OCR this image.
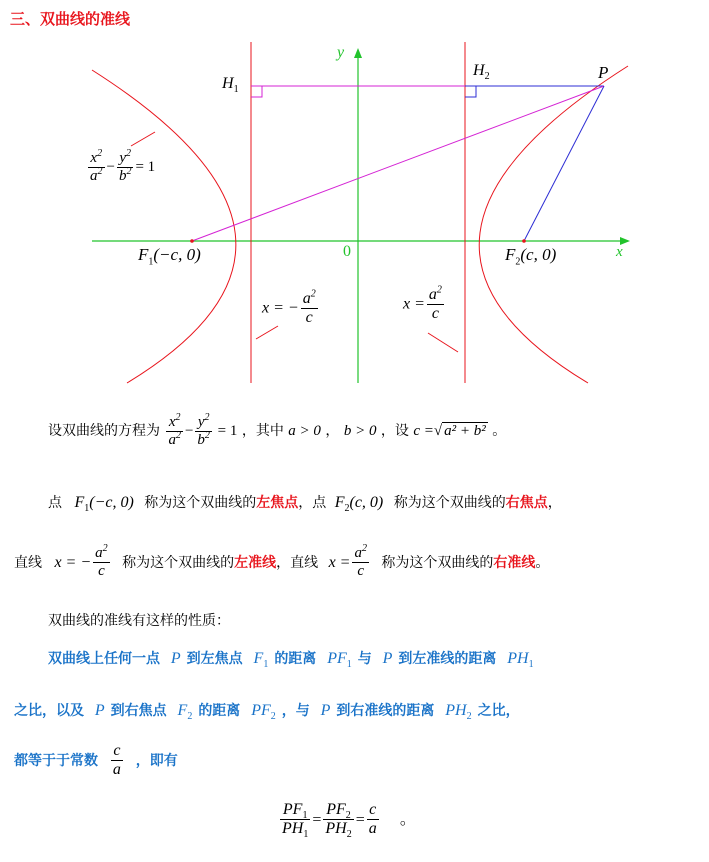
三、双曲线的准线
y
x
0
$H_1$
$H_2$	P
$F_1(-c$, 0)	$F_2(c$, 0)
$\frac{x^2}{a^2} - \frac{y^2}{b^2} = 1$
x = − $\frac{a^2}{c}$	$x = \frac{a^2}{c}$
设双曲线的方程为 $\frac{x^2}{a^2} - \frac{y^2}{b^2} = 1$ ，其中 a > 0 ， b > 0 ，设 c =√ a² + b² 。
点 $F_1(-c$, 0) 称为这个双曲线的左焦点，点 $F_2(c$, 0) 称为这个双曲线的右焦点，
直线 x = − $\frac{a^2}{c}$ 称为这个双曲线的左准线，直线 $x = \frac{a^2}{c}$ 称为这个双曲线的右准线。
双曲线的准线有这样的性质：
双曲线上任何一点 P 到左焦点 $F_1$ 的距离 $PF_1$ 与 P 到左准线的距离 $PH_1$
之比，以及 P 到右焦点 $F_2$ 的距离 $PF_2$ ，与 P 到右准线的距离 $PH_2$ 之比，
都等于于常数 $\frac{c}{a}$ ，即有
$\frac{PF_1}{PH_1} = \frac{PF_2}{PH_2} = \frac{c}{a}$ 。
